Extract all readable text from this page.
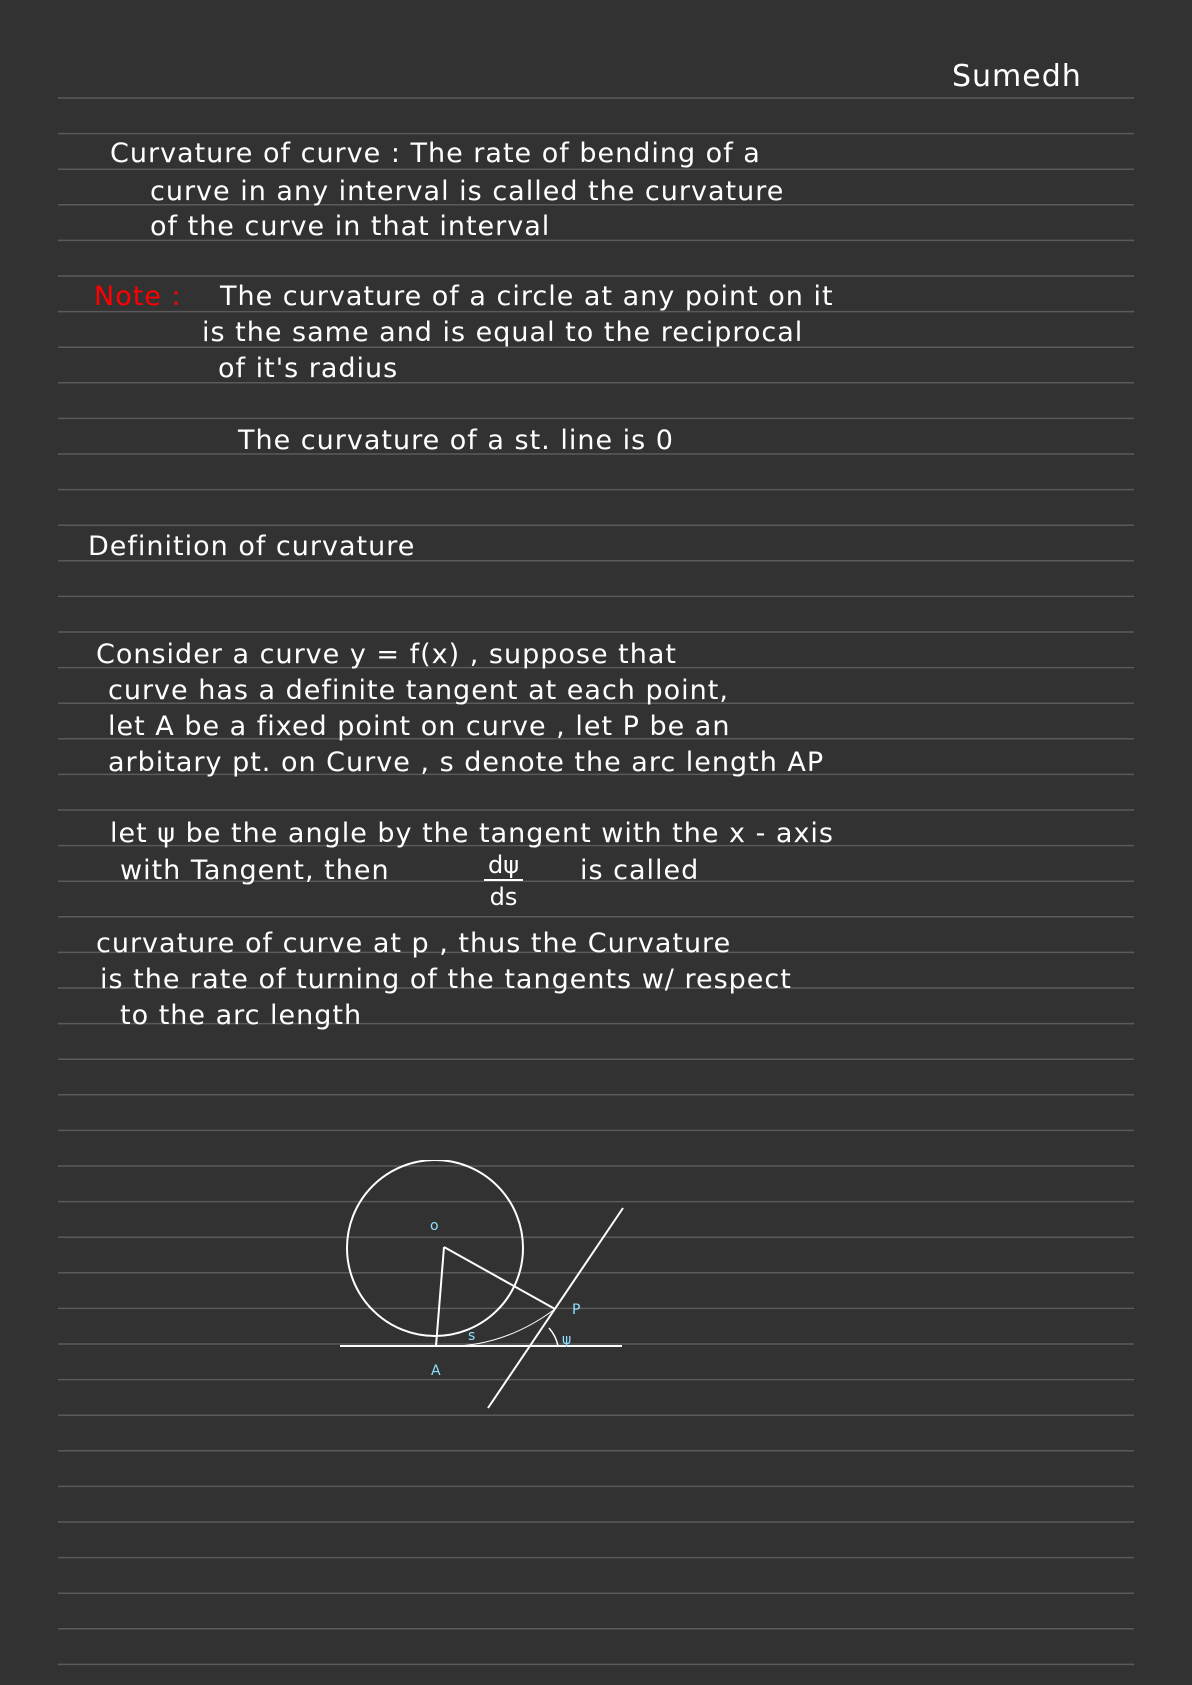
Sumedh
Curvature of curve : The rate of bending of a
curve in any interval is called the curvature
of the curve in that interval
Note : The curvature of a circle at any point on it
is the same and is equal to the reciprocal
of it's radius
The curvature of a st. line is 0
Definition of curvature
Consider a curve y = f(x) , suppose that
curve has a definite tangent at each point,
let A be a fixed point on curve , let P be an
arbitary pt. on Curve , s denote the arc length AP
let ψ be the angle by the tangent with the x - axis
with Tangent, then	$\frac{d\psi}{ds}$ is called
curvature of curve at p , thus the Curvature
is the rate of turning of the tangents w/ respect
to the arc length
o
A
P
s	ψ
